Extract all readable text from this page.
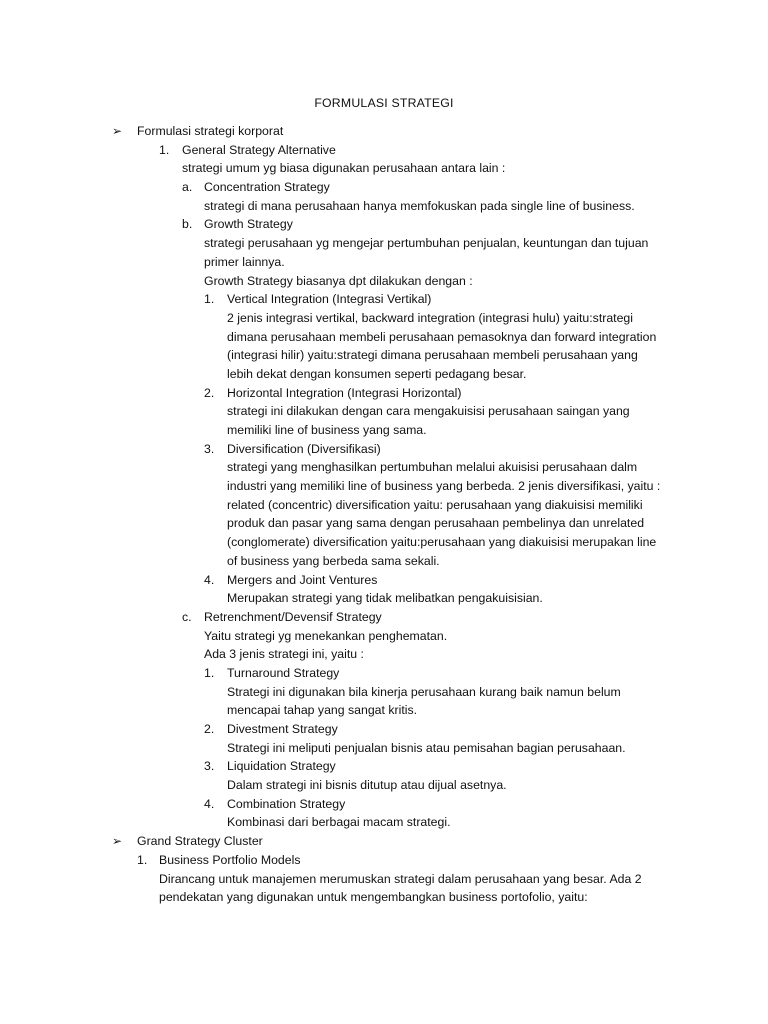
FORMULASI STRATEGI
➢ Formulasi strategi korporat
1. General Strategy Alternative
strategi umum yg biasa digunakan perusahaan antara lain :
a. Concentration Strategy
strategi di mana perusahaan hanya memfokuskan pada single line of business.
b. Growth Strategy
strategi perusahaan yg mengejar pertumbuhan penjualan, keuntungan dan tujuan
primer lainnya.
Growth Strategy biasanya dpt dilakukan dengan :
1. Vertical Integration (Integrasi Vertikal)
2 jenis integrasi vertikal, backward integration (integrasi hulu) yaitu:strategi
dimana perusahaan membeli perusahaan pemasoknya dan forward integration
(integrasi hilir) yaitu:strategi dimana perusahaan membeli perusahaan yang
lebih dekat dengan konsumen seperti pedagang besar.
2. Horizontal Integration (Integrasi Horizontal)
strategi ini dilakukan dengan cara mengakuisisi perusahaan saingan yang
memiliki line of business yang sama.
3. Diversification (Diversifikasi)
strategi yang menghasilkan pertumbuhan melalui akuisisi perusahaan dalm
industri yang memiliki line of business yang berbeda. 2 jenis diversifikasi, yaitu :
related (concentric) diversification yaitu: perusahaan yang diakuisisi memiliki
produk dan pasar yang sama dengan perusahaan pembelinya dan unrelated
(conglomerate) diversification yaitu:perusahaan yang diakuisisi merupakan line
of business yang berbeda sama sekali.
4. Mergers and Joint Ventures
Merupakan strategi yang tidak melibatkan pengakuisisian.
c. Retrenchment/Devensif Strategy
Yaitu strategi yg menekankan penghematan.
Ada 3 jenis strategi ini, yaitu :
1. Turnaround Strategy
Strategi ini digunakan bila kinerja perusahaan kurang baik namun belum
mencapai tahap yang sangat kritis.
2. Divestment Strategy
Strategi ini meliputi penjualan bisnis atau pemisahan bagian perusahaan.
3. Liquidation Strategy
Dalam strategi ini bisnis ditutup atau dijual asetnya.
4. Combination Strategy
Kombinasi dari berbagai macam strategi.
➢ Grand Strategy Cluster
1. Business Portfolio Models
Dirancang untuk manajemen merumuskan strategi dalam perusahaan yang besar. Ada 2
pendekatan yang digunakan untuk mengembangkan business portofolio, yaitu:
